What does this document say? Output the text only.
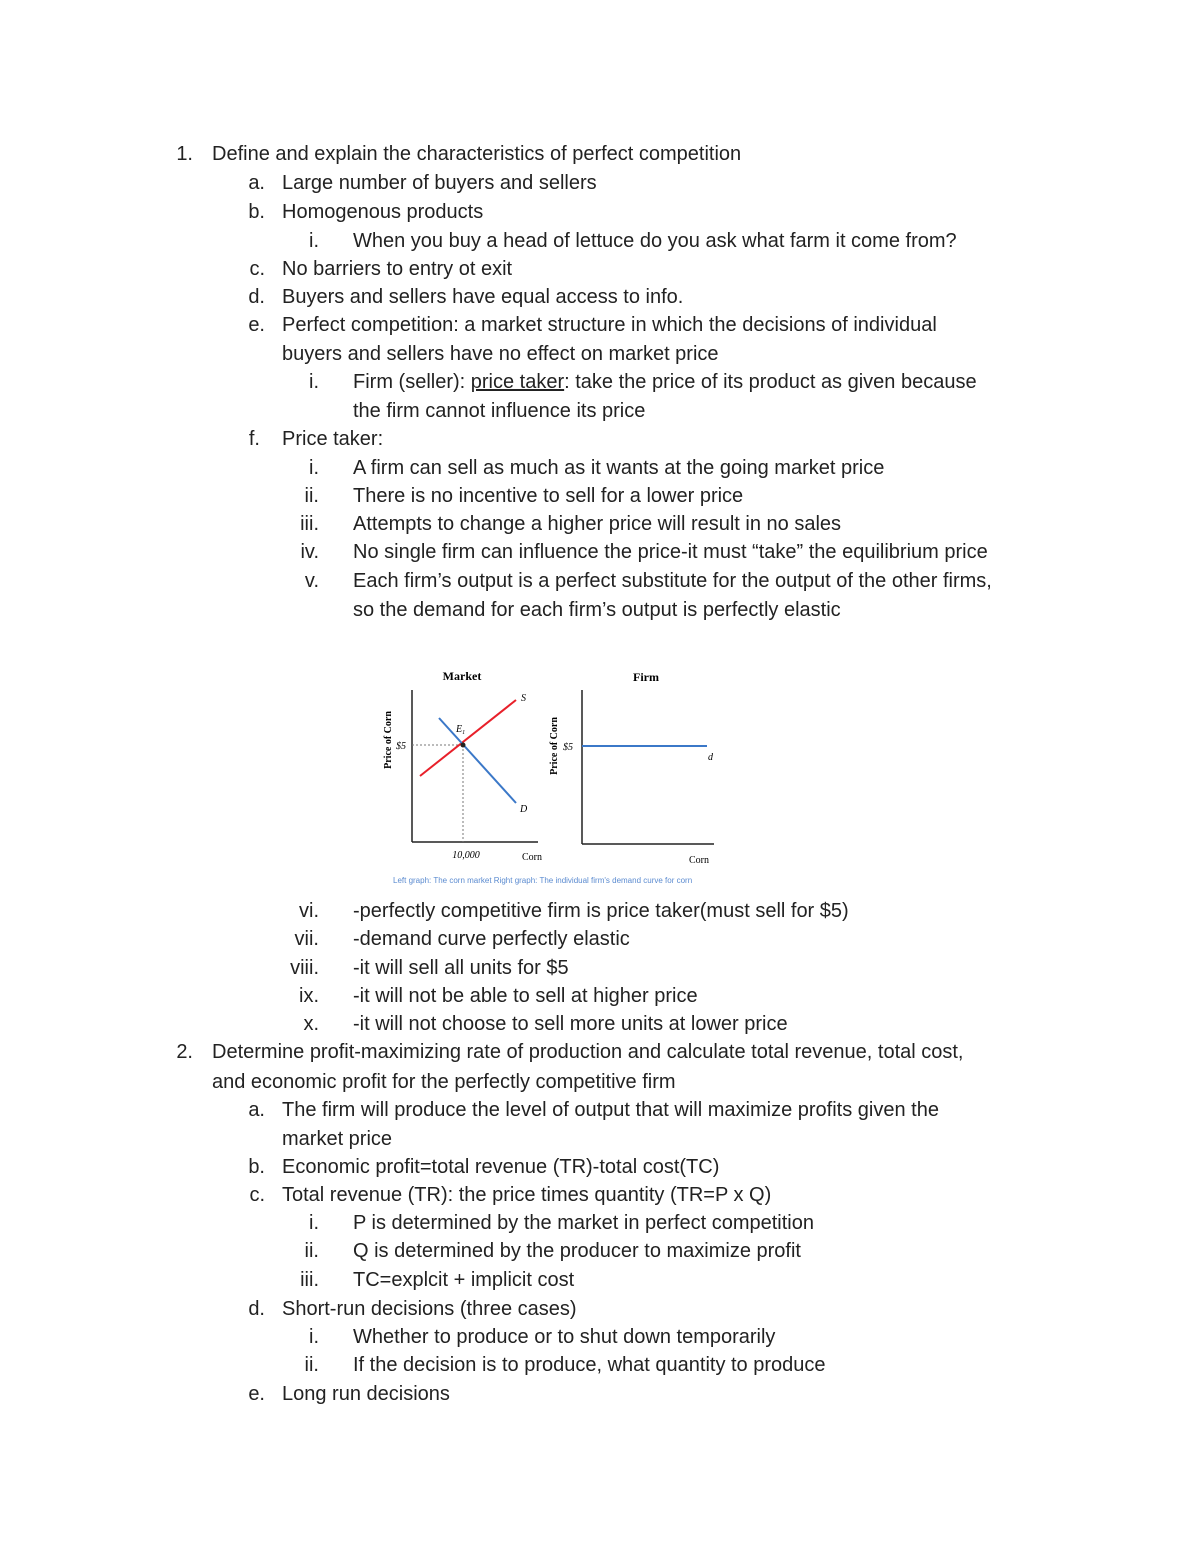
1. Define and explain the characteristics of perfect competition
a. Large number of buyers and sellers
b. Homogenous products
i. When you buy a head of lettuce do you ask what farm it come from?
c. No barriers to entry ot exit
d. Buyers and sellers have equal access to info.
e. Perfect competition: a market structure in which the decisions of individual
buyers and sellers have no effect on market price
i. Firm (seller): price taker: take the price of its product as given because
the firm cannot influence its price
f. Price taker:
i. A firm can sell as much as it wants at the going market price
ii. There is no incentive to sell for a lower price
iii. Attempts to change a higher price will result in no sales
iv. No single firm can influence the price-it must “take” the equilibrium price
v. Each firm’s output is a perfect substitute for the output of the other firms,
so the demand for each firm’s output is perfectly elastic
Market
Price of Corn
S
D
$E_1$
$5
10,000	Corn
Firm
Price of Corn $5
d
Corn
Left graph: The corn market Right graph: The individual firm's demand curve for corn
vi. -perfectly competitive firm is price taker(must sell for $5)
vii. -demand curve perfectly elastic
viii. -it will sell all units for $5
ix. -it will not be able to sell at higher price
x. -it will not choose to sell more units at lower price
2. Determine profit-maximizing rate of production and calculate total revenue, total cost,
and economic profit for the perfectly competitive firm
a. The firm will produce the level of output that will maximize profits given the
market price
b. Economic profit=total revenue (TR)-total cost(TC)
c. Total revenue (TR): the price times quantity (TR=P x Q)
i. P is determined by the market in perfect competition
ii. Q is determined by the producer to maximize profit
iii. TC=explcit + implicit cost
d. Short-run decisions (three cases)
i. Whether to produce or to shut down temporarily
ii. If the decision is to produce, what quantity to produce
e. Long run decisions
